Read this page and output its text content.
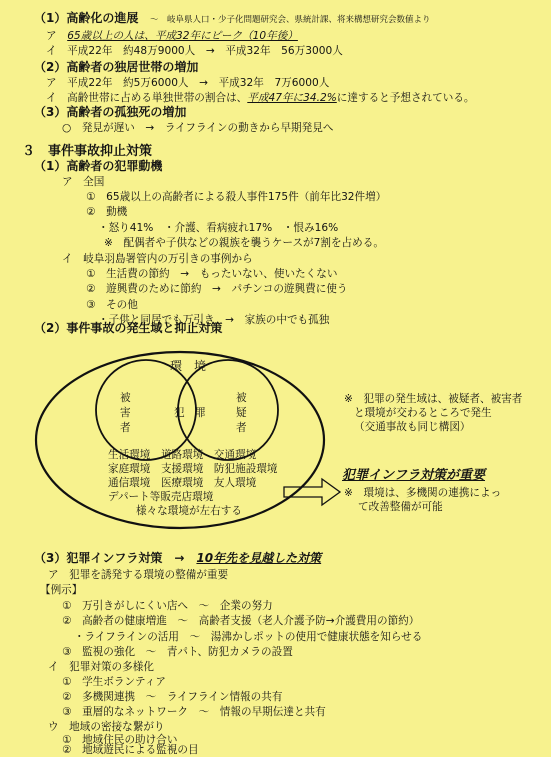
（1）高齢化の進展 ～　岐阜県人口・少子化問題研究会、県統計課、将来構想研究会数値より
ア　65歳以上の人は、平成32年にピーク（10年後）
イ　平成22年　約48万9000人　→　平成32年　56万3000人
（2）高齢者の独居世帯の増加
ア　平成22年　約5万6000人　→　平成32年　7万6000人
イ　高齢世帯に占める単独世帯の割合は、平成47年に34.2%に達すると予想されている。
（3）高齢者の孤独死の増加
○　発見が遅い　→　ライフラインの動きから早期発見へ
３　事件事故抑止対策
（1）高齢者の犯罪動機
ア　全国
①　65歳以上の高齢者による殺人事件175件（前年比32件増）
②　動機
・怒り41%　・介護、看病疲れ17%　・恨み16%
※　配偶者や子供などの親族を襲うケースが7割を占める。
イ　岐阜羽島署管内の万引きの事例から
①　生活費の節約　→　もったいない、使いたくない
②　遊興費のために節約　→　パチンコの遊興費に使う
③　その他
・子供と同居でも万引き　→　家族の中でも孤独
（2）事件事故の発生域と抑止対策
環　境
被
害
者
犯　罪
被
疑
者
生活環境　道路環境　交通環境
家庭環境　支援環境　防犯施設環境
通信環境　医療環境　友人環境
デパート等販売店環境
様々な環境が左右する
※　犯罪の発生域は、被疑者、被害者
と環境が交わるところで発生
（交通事故も同じ構図）
犯罪インフラ対策が重要
※　環境は、多機関の連携によっ
て改善整備が可能
（3）犯罪インフラ対策　→　 10年先を見越した対策
ア　犯罪を誘発する環境の整備が重要
【例示】
①　万引きがしにくい店へ　～　企業の努力
②　高齢者の健康増進　～　高齢者支援（老人介護予防→介護費用の節約）
・ライフラインの活用　～　湯沸かしポットの使用で健康状態を知らせる
③　監視の強化　～　青パト、防犯カメラの設置
イ　犯罪対策の多様化
①　学生ボランティア
②　多機関連携　～　ライフライン情報の共有
③　重層的なネットワーク　～　情報の早期伝達と共有
ウ　地域の密接な繋がり
①　地域住民の助け合い
②　地域遊民による監視の目
